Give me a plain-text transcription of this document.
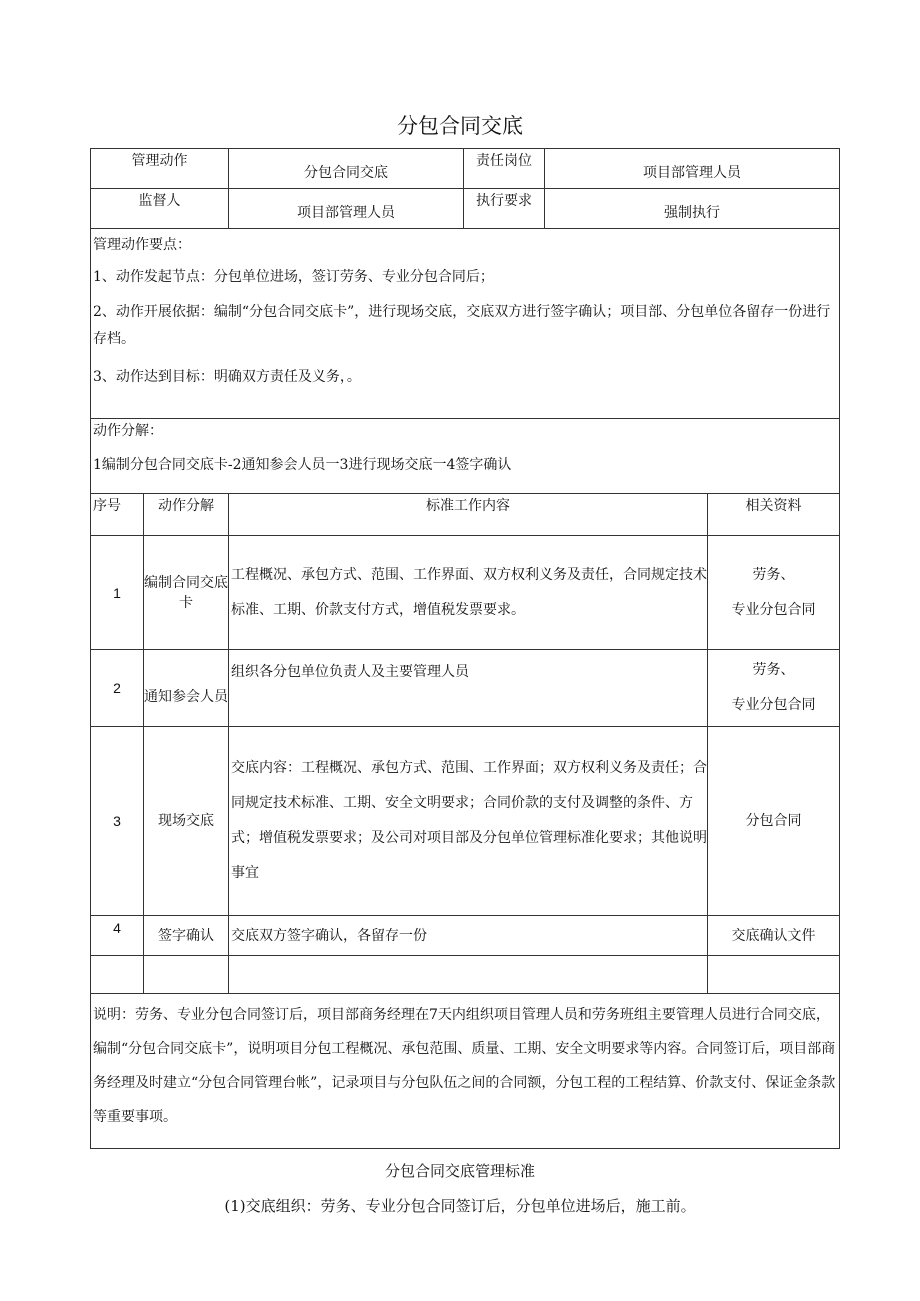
分包合同交底
管理动作		分包合同交底	责任岗位	项目部管理人员	
监督人		项目部管理人员	执行要求	强制执行	

管理动作要点：

1、动作发起节点：分包单位进场，签订劳务、专业分包合同后；

2、动作开展依据：编制“分包合同交底卡”，进行现场交底，交底双方进行签字确认；项目部、分包单位各留存一份进行存档。

3、动作达到目标：明确双方责任及义务，。					

动作分解：

1编制分包合同交底卡-2通知参会人员一3进行现场交底一4签字确认					

序号	动作分解	标准工作内容			相关资料
1	编制合同交底卡	工程概况、承包方式、范围、工作界面、双方权利义务及责任，合同规定技术标准、工期、价款支付方式，增值税发票要求。			劳务、

专业分包合同

2	通知参会人员	组织各分包单位负责人及主要管理人员			劳务、

专业分包合同

3	现场交底	交底内容：工程概况、承包方式、范围、工作界面；双方权利义务及责任；合同规定技术标准、工期、安全文明要求；合同价款的支付及调整的条件、方式；增值税发票要求；及公司对项目部及分包单位管理标准化要求；其他说明事宜			分包合同

4	签字确认	交底双方签字确认，各留存一份			交底确认文件

说明：劳务、专业分包合同签订后，项目部商务经理在7天内组织项目管理人员和劳务班组主要管理人员进行合同交底，编制“分包合同交底卡”，说明项目分包工程概况、承包范围、质量、工期、安全文明要求等内容。合同签订后，项目部商务经理及时建立“分包合同管理台帐”，记录项目与分包队伍之间的合同额，分包工程的工程结算、价款支付、保证金条款等重要事项。					
分包合同交底管理标准
(1)交底组织：劳务、专业分包合同签订后，分包单位进场后，施工前。
